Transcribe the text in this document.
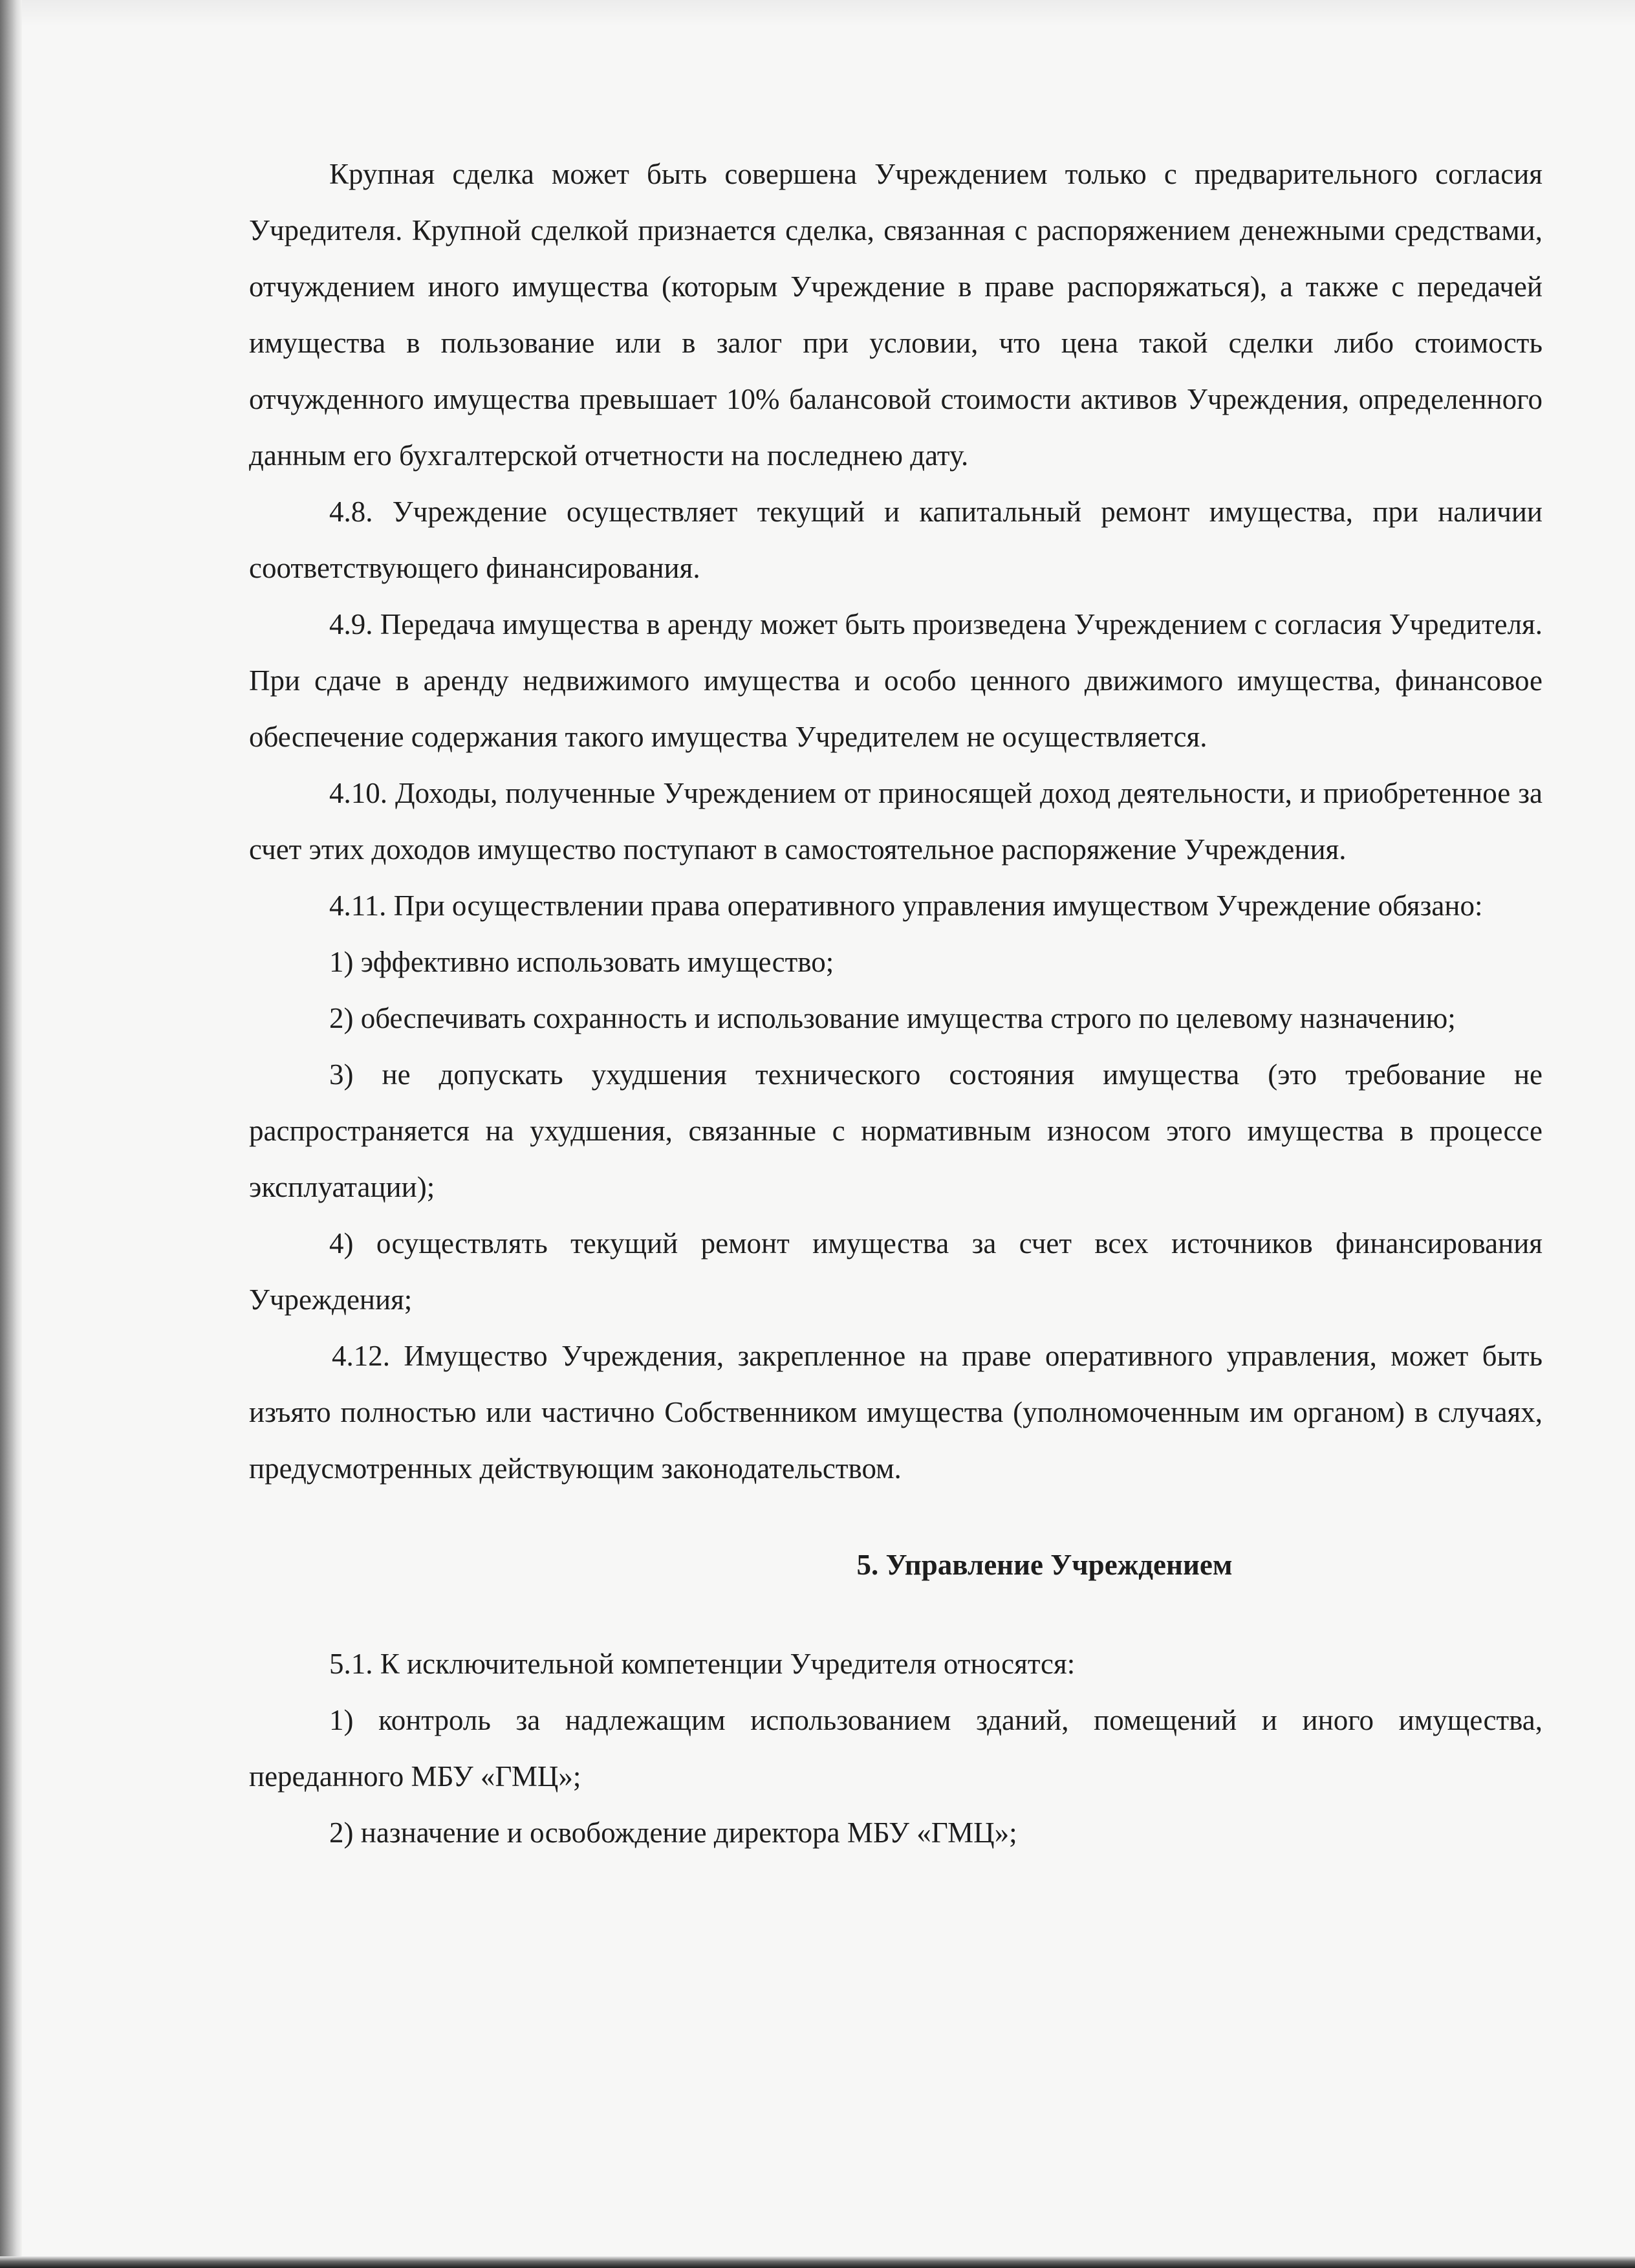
Крупная сделка может быть совершена Учреждением только с предварительного согласия Учредителя. Крупной сделкой признается сделка, связанная с распоряжением денежными средствами, отчуждением иного имущества (которым Учреждение в праве распоряжаться), а также с передачей имущества в пользование или в залог при условии, что цена такой сделки либо стоимость отчужденного имущества превышает 10% балансовой стоимости активов Учреждения, определенного данным его бухгалтерской отчетности на последнею дату.

4.8. Учреждение осуществляет текущий и капитальный ремонт имущества, при наличии соответствующего финансирования.

4.9. Передача имущества в аренду может быть произведена Учреждением с согласия Учредителя. При сдаче в аренду недвижимого имущества и особо ценного движимого имущества, финансовое обеспечение содержания такого имущества Учредителем не осуществляется.

4.10. Доходы, полученные Учреждением от приносящей доход деятельности, и приобретенное за счет этих доходов имущество поступают в самостоятельное распоряжение Учреждения.

4.11. При осуществлении права оперативного управления имуществом Учреждение обязано:

1) эффективно использовать имущество;

2) обеспечивать сохранность и использование имущества строго по целевому назначению;

3) не допускать ухудшения технического состояния имущества (это требование не распространяется на ухудшения, связанные с нормативным износом этого имущества в процессе эксплуатации);

4) осуществлять текущий ремонт имущества за счет всех источников финансирования Учреждения;

4.12. Имущество Учреждения, закрепленное на праве оперативного управления, может быть изъято полностью или частично Собственником имущества (уполномоченным им органом) в случаях, предусмотренных действующим законодательством.

5. Управление Учреждением

5.1. К исключительной компетенции Учредителя относятся:

1) контроль за надлежащим использованием зданий, помещений и иного имущества, переданного МБУ «ГМЦ»;

2) назначение и освобождение директора МБУ «ГМЦ»;
